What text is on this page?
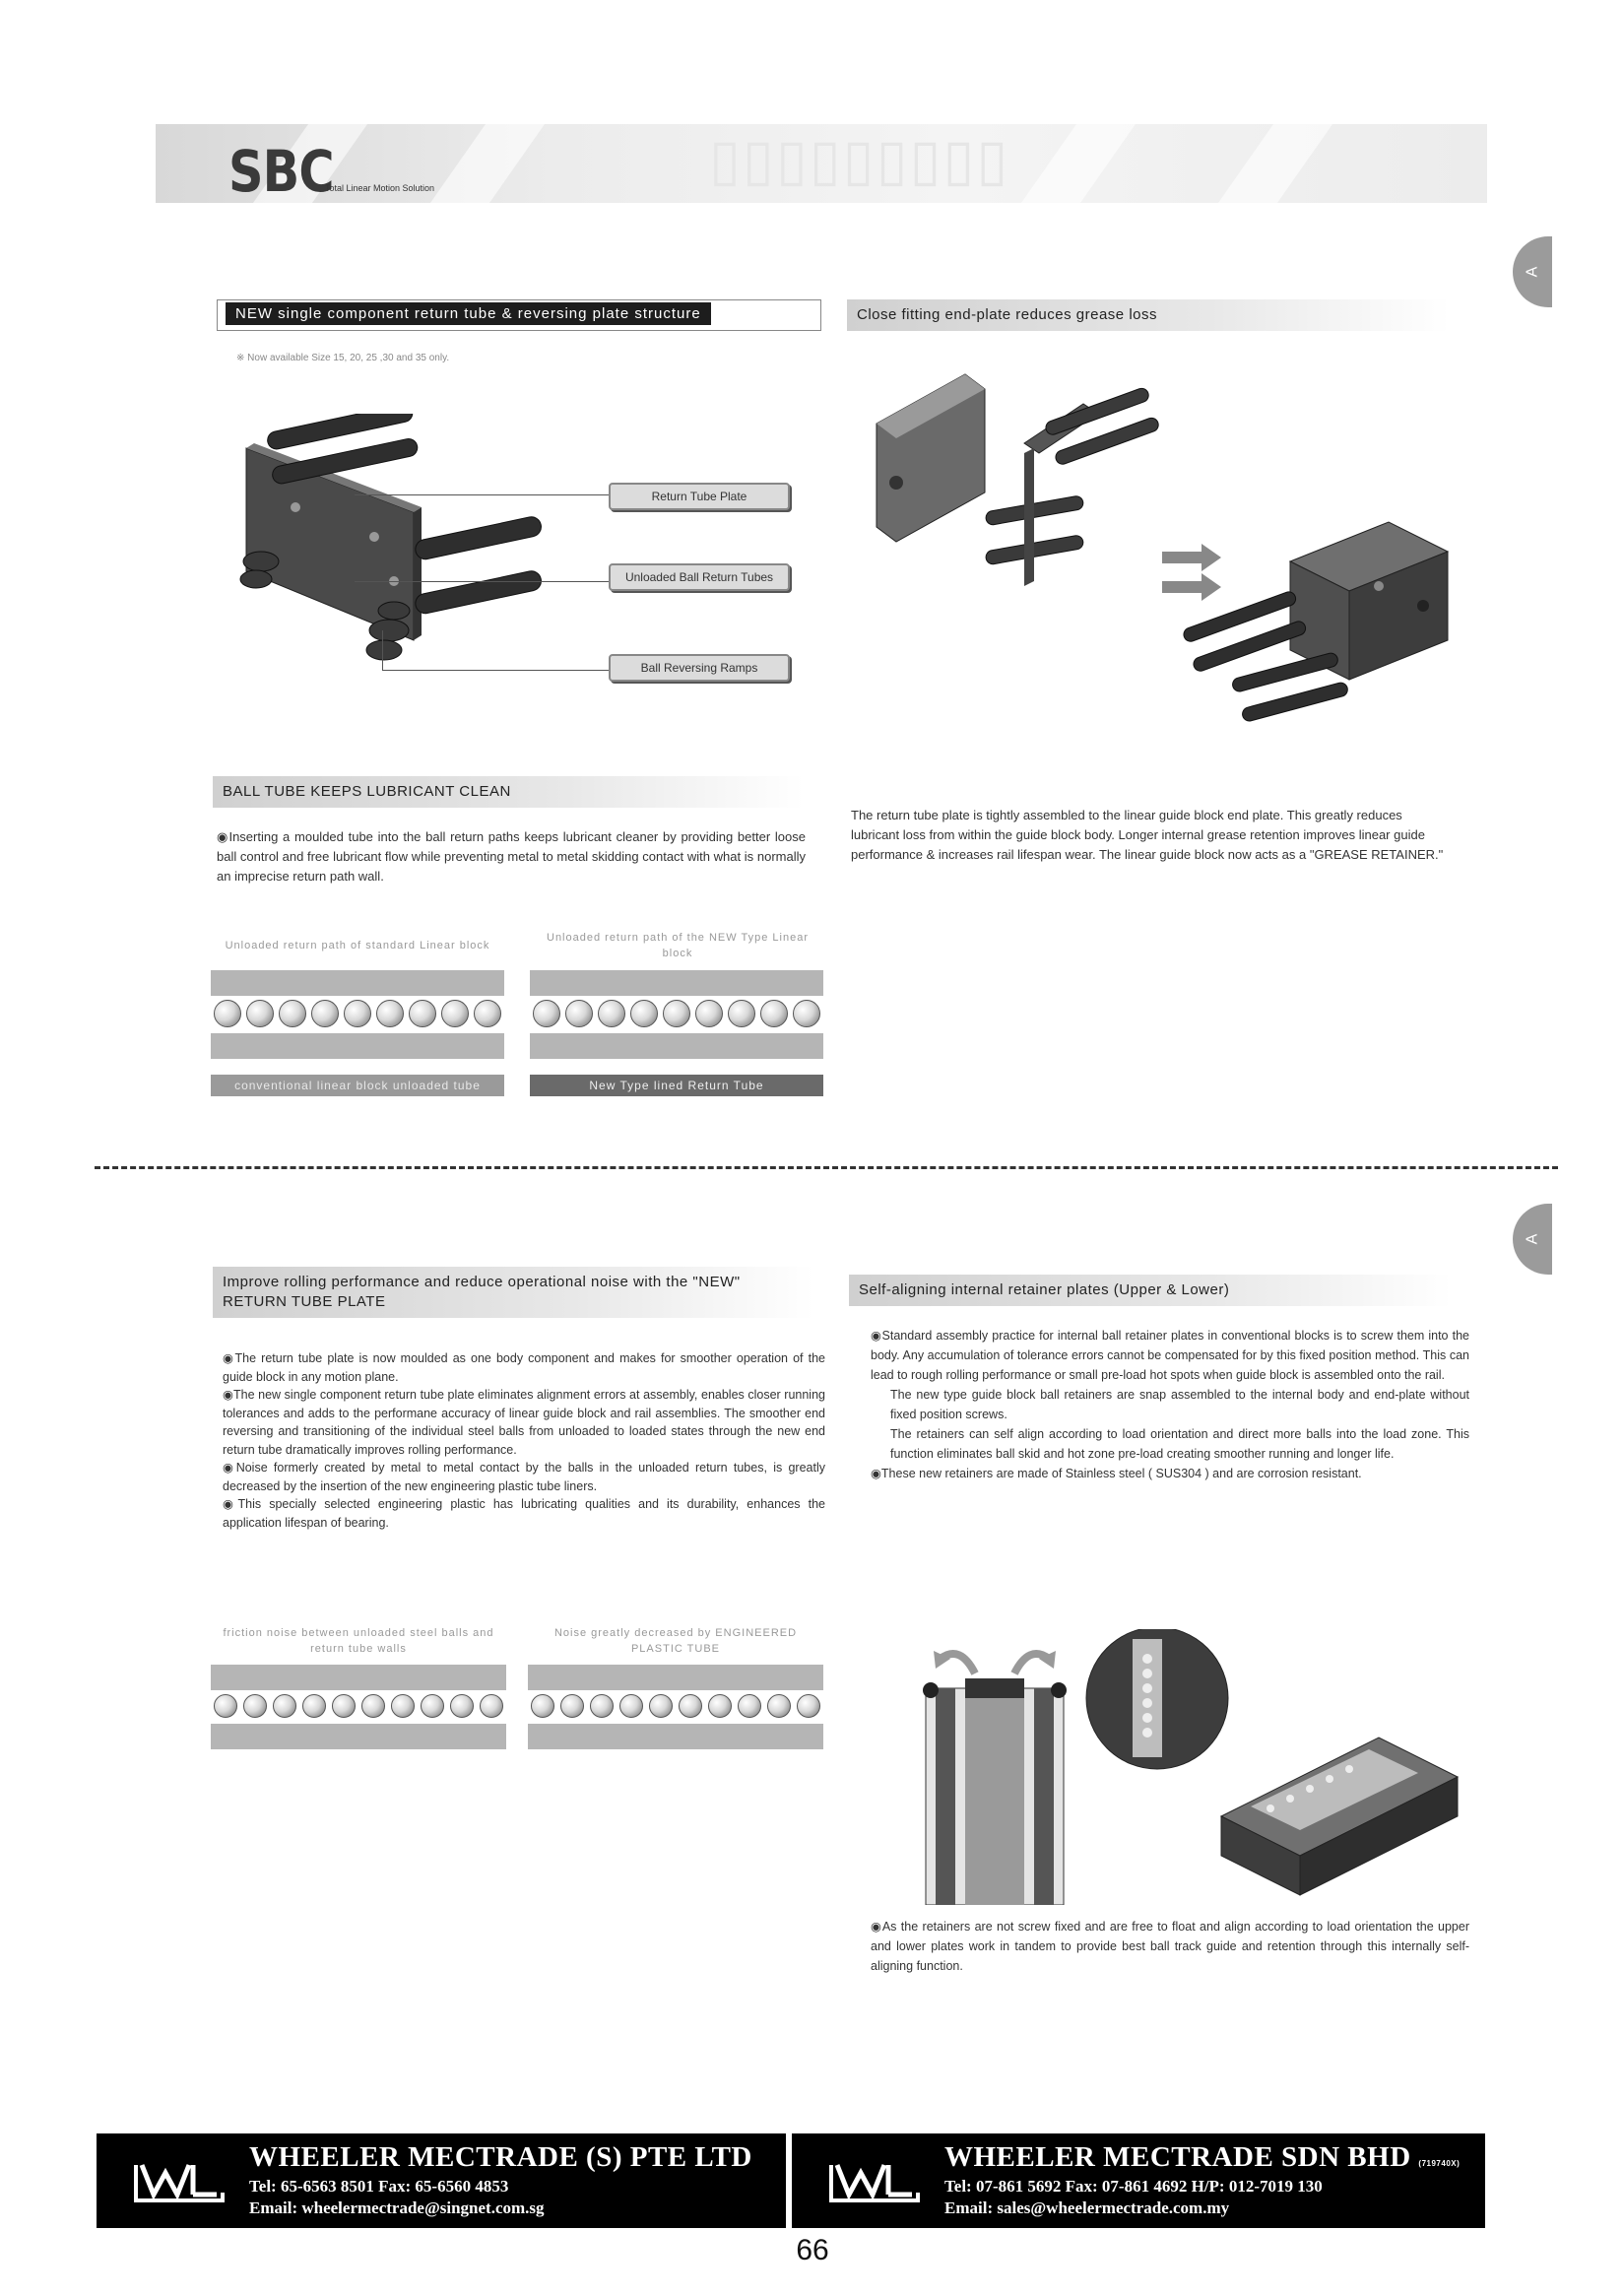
▯▯▯▯▯▯▯▯▯
SBC
Total Linear Motion Solution
A
A
NEW single component return tube & reversing plate structure
※ Now available Size 15, 20, 25 ,30 and 35 only.
Return Tube Plate
Unloaded Ball Return Tubes
Ball Reversing Ramps
Close fitting end-plate reduces grease loss
The return tube plate is tightly assembled to the linear guide block end plate. This greatly reduces lubricant loss from within the guide block body. Longer internal grease retention improves linear guide performance & increases rail lifespan wear. The linear guide block now acts as a "GREASE RETAINER."
BALL TUBE KEEPS LUBRICANT CLEAN
◉Inserting a moulded tube into the ball return paths keeps lubricant cleaner by providing better loose ball control and free lubricant flow while preventing metal to metal skidding contact with what is normally an imprecise return path wall.
Unloaded return path of standard Linear block
Unloaded return path of the NEW Type Linear block
conventional linear block unloaded tube	New Type lined Return Tube
Improve rolling performance and reduce operational noise with the "NEW" RETURN TUBE PLATE
◉The return tube plate is now moulded as one body component and makes for smoother operation of the guide block in any motion plane.
◉The new single component return tube plate eliminates alignment errors at assembly, enables closer running tolerances and adds to the performane accuracy of linear guide block and rail assemblies. The smoother end reversing and transitioning of the individual steel balls from unloaded to loaded states through the new end return tube dramatically improves rolling performance.
◉Noise formerly created by metal to metal contact by the balls in the unloaded return tubes, is greatly decreased by the insertion of the new engineering plastic tube liners.
◉This specially selected engineering plastic has lubricating qualities and its durability, enhances the application lifespan of bearing.
friction noise between unloaded steel balls and return tube walls
Noise greatly decreased by ENGINEERED PLASTIC TUBE
Self-aligning internal retainer plates (Upper & Lower)
◉Standard assembly practice for internal ball retainer plates in conventional blocks is to screw them into the body. Any accumulation of tolerance errors cannot be compensated for by this fixed position method. This can lead to rough rolling performance or small pre-load hot spots when guide block is assembled onto the rail.
The new type guide block ball retainers are snap assembled to the internal body and end-plate without fixed position screws.
The retainers can self align according to load orientation and direct more balls into the load zone. This function eliminates ball skid and hot zone pre-load creating smoother running and longer life.
◉These new retainers are made of Stainless steel ( SUS304 ) and are corrosion resistant.
◉As the retainers are not screw fixed and are free to float and align according to load orientation the upper and lower plates work in tandem to provide best ball track guide and retention through this internally self-aligning function.
WHEELER MECTRADE (S) PTE LTD
Tel: 65-6563 8501 Fax: 65-6560 4853
Email: wheelermectrade@singnet.com.sg
WHEELER MECTRADE SDN BHD (719740X)
Tel: 07-861 5692 Fax: 07-861 4692 H/P: 012-7019 130
Email: sales@wheelermectrade.com.my
66
